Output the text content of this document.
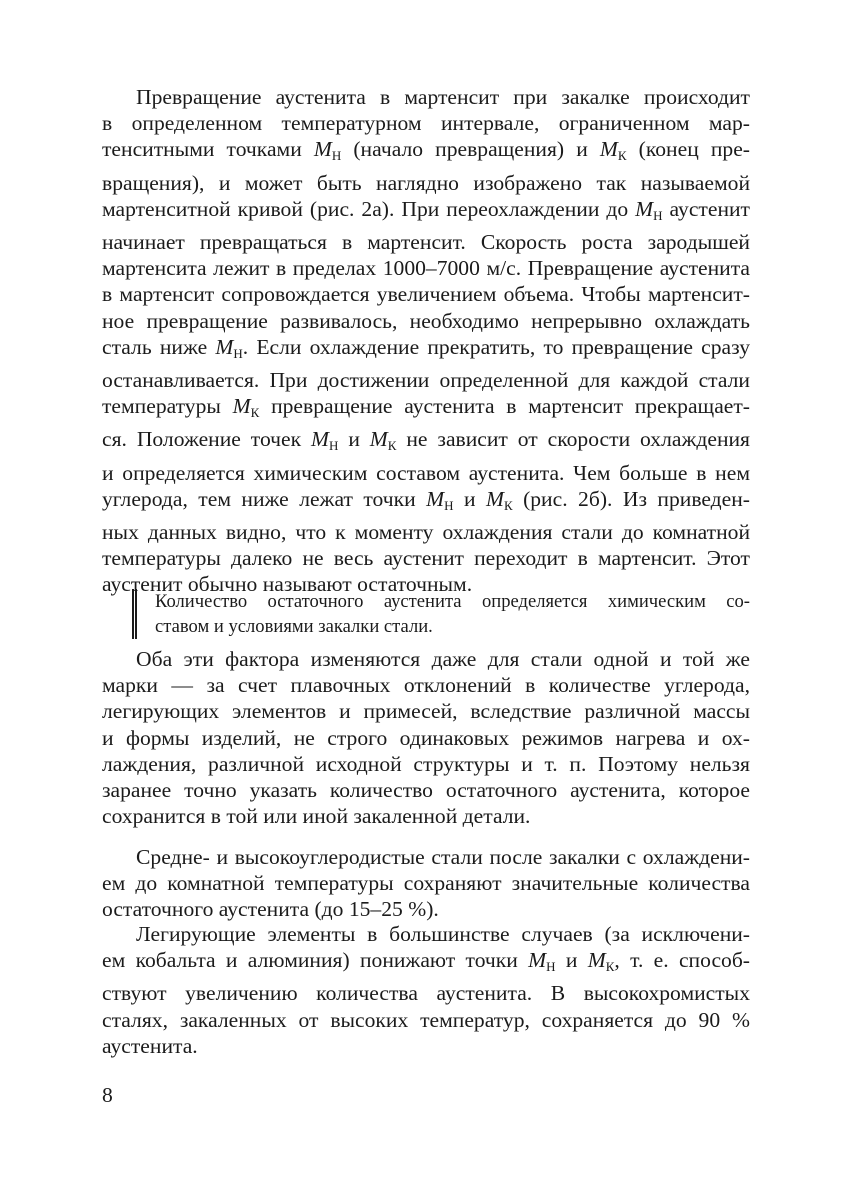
Превращение аустенита в мартенсит при закалке происходит
в определенном температурном интервале, ограниченном мар-
тенситными точками $М_Н$ (начало превращения) и $М_К$ (конец пре-
вращения), и может быть наглядно изображено так называемой
мартенситной кривой (рис. 2а). При переохлаждении до $М_Н$ аустенит
начинает превращаться в мартенсит. Скорость роста зародышей
мартенсита лежит в пределах 1000–7000 м/с. Превращение аустенита
в мартенсит сопровождается увеличением объема. Чтобы мартенсит-
ное превращение развивалось, необходимо непрерывно охлаждать
сталь ниже $М_Н$. Если охлаждение прекратить, то превращение сразу
останавливается. При достижении определенной для каждой стали
температуры $М_К$ превращение аустенита в мартенсит прекращает-
ся. Положение точек $М_Н$ и $М_К$ не зависит от скорости охлаждения
и определяется химическим составом аустенита. Чем больше в нем
углерода, тем ниже лежат точки $М_Н$ и $М_К$ (рис. 2б). Из приведен-
ных данных видно, что к моменту охлаждения стали до комнатной
температуры далеко не весь аустенит переходит в мартенсит. Этот
аустенит обычно называют остаточным.
Количество остаточного аустенита определяется химическим со-
ставом и условиями закалки стали.
Оба эти фактора изменяются даже для стали одной и той же
марки — за счет плавочных отклонений в количестве углерода,
легирующих элементов и примесей, вследствие различной массы
и формы изделий, не строго одинаковых режимов нагрева и ох-
лаждения, различной исходной структуры и т. п. Поэтому нельзя
заранее точно указать количество остаточного аустенита, которое
сохранится в той или иной закаленной детали.
Средне- и высокоуглеродистые стали после закалки с охлаждени-
ем до комнатной температуры сохраняют значительные количества
остаточного аустенита (до 15–25 %).
Легирующие элементы в большинстве случаев (за исключени-
ем кобальта и алюминия) понижают точки $М_Н$ и $М_К$, т. е. способ-
ствуют увеличению количества аустенита. В высокохромистых
сталях, закаленных от высоких температур, сохраняется до 90 %
аустенита.
8
